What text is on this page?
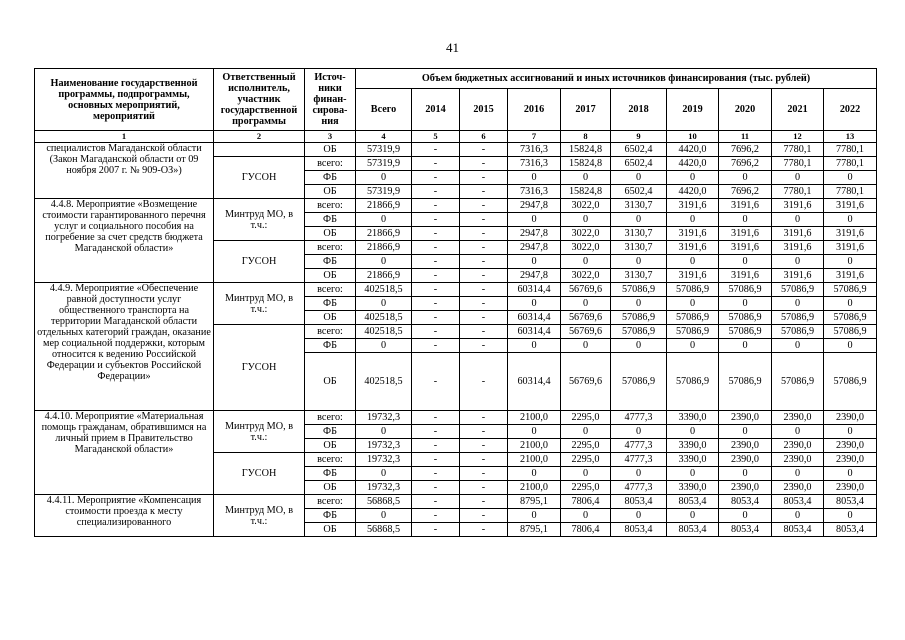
41
Наименование государственной программы, подпрограммы, основных мероприятий, мероприятий	Ответственный исполнитель, участник государственной программы	Источ-ники финан-сирова-ния	Объем бюджетных ассигнований и иных источников финансирования (тыс. рублей)									
			Всего	2014	2015	2016	2017	2018	2019	2020	2021	2022
1	2	3	4	5	6	7	8	9	10	11	12	13
специалистов Магаданской области (Закон Магаданской области от 09 ноября 2007 г. № 909-ОЗ»)		ОБ	57319,9	-	-	7316,3	15824,8	6502,4	4420,0	7696,2	7780,1	7780,1
	ГУСОН	всего:	57319,9	-	-	7316,3	15824,8	6502,4	4420,0	7696,2	7780,1	7780,1
		ФБ	0	-	-	0	0	0	0	0	0	0
		ОБ	57319,9	-	-	7316,3	15824,8	6502,4	4420,0	7696,2	7780,1	7780,1
4.4.8. Мероприятие «Возмещение стоимости гарантированного перечня услуг и социального пособия на погребение за счет средств бюджета Магаданской области»	Минтруд МО, в т.ч.:	всего:	21866,9	-	-	2947,8	3022,0	3130,7	3191,6	3191,6	3191,6	3191,6
		ФБ	0	-	-	0	0	0	0	0	0	0
		ОБ	21866,9	-	-	2947,8	3022,0	3130,7	3191,6	3191,6	3191,6	3191,6
	ГУСОН	всего:	21866,9	-	-	2947,8	3022,0	3130,7	3191,6	3191,6	3191,6	3191,6
		ФБ	0	-	-	0	0	0	0	0	0	0
		ОБ	21866,9	-	-	2947,8	3022,0	3130,7	3191,6	3191,6	3191,6	3191,6
4.4.9. Мероприятие «Обеспечение равной доступности услуг общественного транспорта на территории Магаданской области отдельных категорий граждан, оказание мер социальной поддержки, которым относится к ведению Российской Федерации и субъектов Российской Федерации»	Минтруд МО, в т.ч.:	всего:	402518,5	-	-	60314,4	56769,6	57086,9	57086,9	57086,9	57086,9	57086,9
		ФБ	0	-	-	0	0	0	0	0	0	0
		ОБ	402518,5	-	-	60314,4	56769,6	57086,9	57086,9	57086,9	57086,9	57086,9
	ГУСОН	всего:	402518,5	-	-	60314,4	56769,6	57086,9	57086,9	57086,9	57086,9	57086,9
		ФБ	0	-	-	0	0	0	0	0	0	0
		ОБ	402518,5	-	-	60314,4	56769,6	57086,9	57086,9	57086,9	57086,9	57086,9
4.4.10. Мероприятие «Материальная помощь гражданам, обратившимся на личный прием в Правительство Магаданской области»	Минтруд МО, в т.ч.:	всего:	19732,3	-	-	2100,0	2295,0	4777,3	3390,0	2390,0	2390,0	2390,0
		ФБ	0	-	-	0	0	0	0	0	0	0
		ОБ	19732,3	-	-	2100,0	2295,0	4777,3	3390,0	2390,0	2390,0	2390,0
	ГУСОН	всего:	19732,3	-	-	2100,0	2295,0	4777,3	3390,0	2390,0	2390,0	2390,0
		ФБ	0	-	-	0	0	0	0	0	0	0
		ОБ	19732,3	-	-	2100,0	2295,0	4777,3	3390,0	2390,0	2390,0	2390,0
4.4.11. Мероприятие «Компенсация стоимости проезда к месту специализированного	Минтруд МО, в т.ч.:	всего:	56868,5	-	-	8795,1	7806,4	8053,4	8053,4	8053,4	8053,4	8053,4
		ФБ	0	-	-	0	0	0	0	0	0	0
		ОБ	56868,5	-	-	8795,1	7806,4	8053,4	8053,4	8053,4	8053,4	8053,4
